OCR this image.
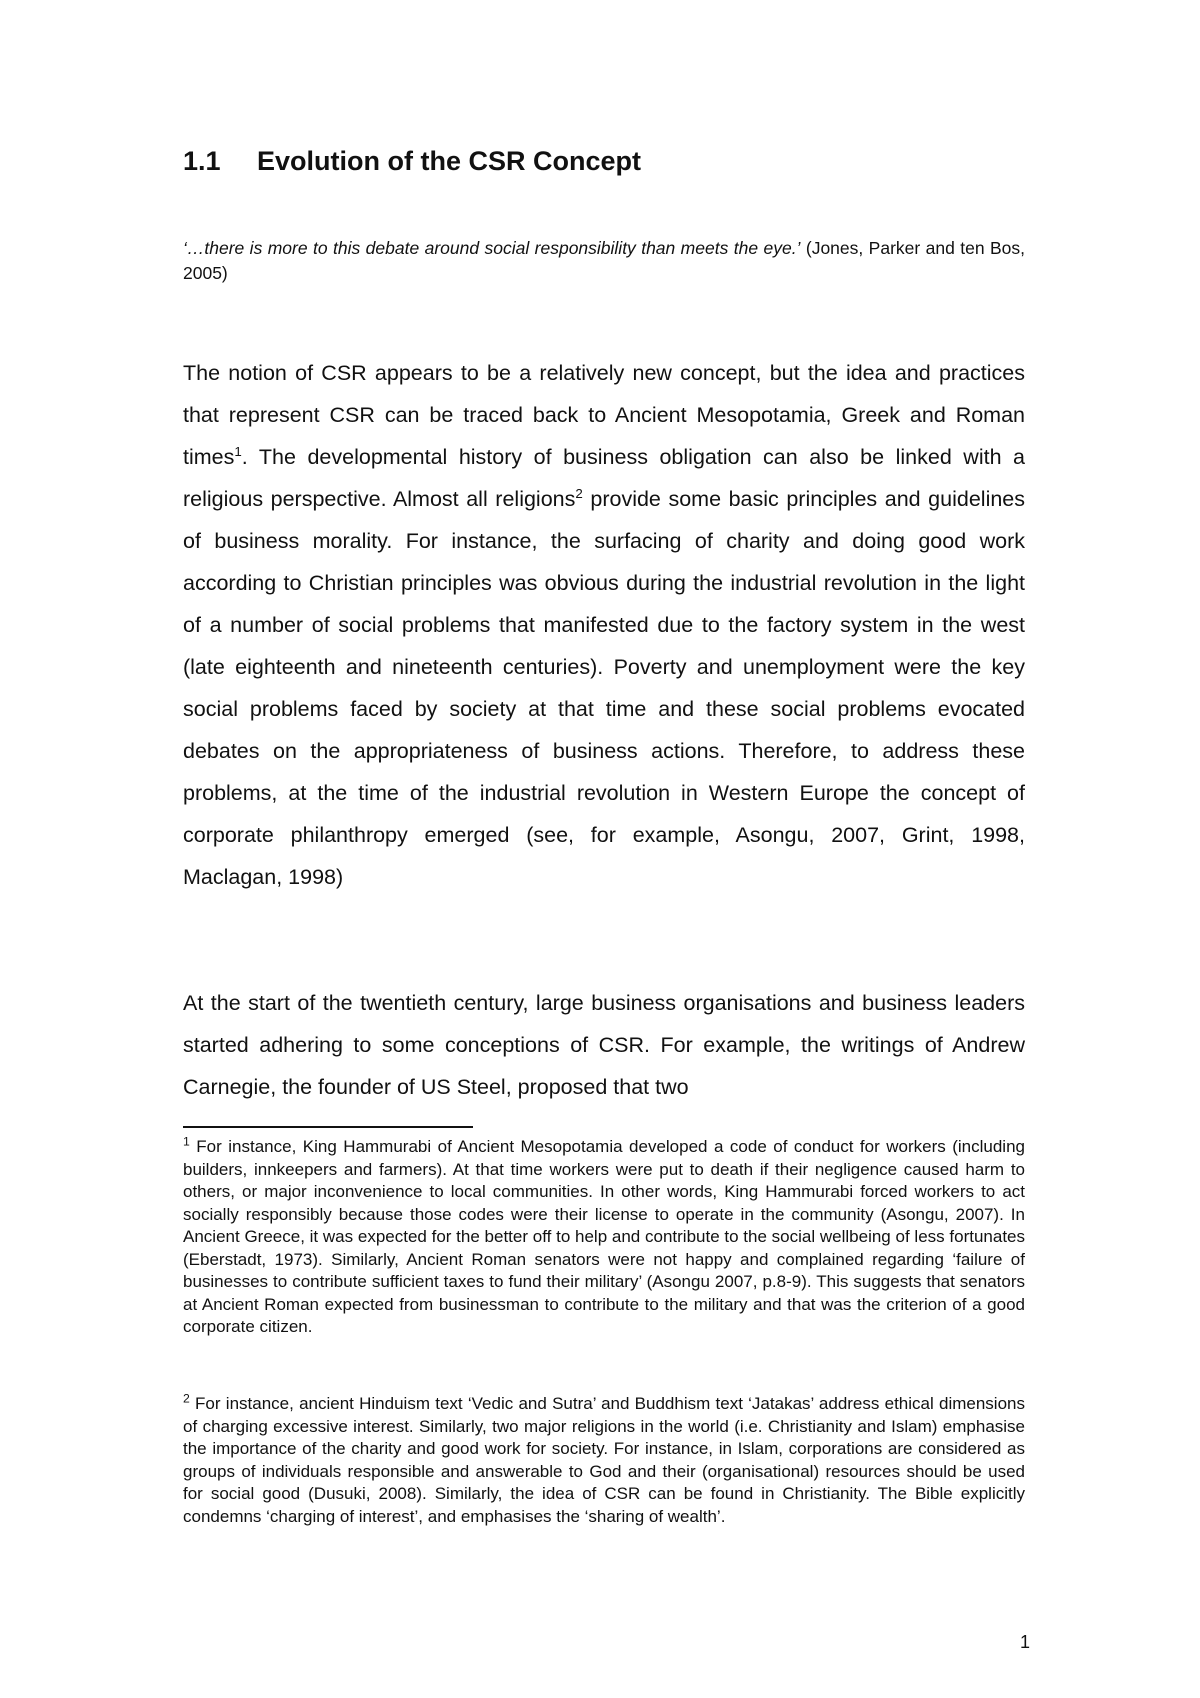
1.1 Evolution of the CSR Concept

‘…there is more to this debate around social responsibility than meets the eye.’ (Jones, Parker and ten Bos, 2005)

The notion of CSR appears to be a relatively new concept, but the idea and practices that represent CSR can be traced back to Ancient Mesopotamia, Greek and Roman times$^1$. The developmental history of business obligation can also be linked with a religious perspective. Almost all religions$^2$ provide some basic principles and guidelines of business morality. For instance, the surfacing of charity and doing good work according to Christian principles was obvious during the industrial revolution in the light of a number of social problems that manifested due to the factory system in the west (late eighteenth and nineteenth centuries). Poverty and unemployment were the key social problems faced by society at that time and these social problems evocated debates on the appropriateness of business actions. Therefore, to address these problems, at the time of the industrial revolution in Western Europe the concept of corporate philanthropy emerged (see, for example, Asongu, 2007, Grint, 1998, Maclagan, 1998)

At the start of the twentieth century, large business organisations and business leaders started adhering to some conceptions of CSR. For example, the writings of Andrew Carnegie, the founder of US Steel, proposed that two

$^1$ For instance, King Hammurabi of Ancient Mesopotamia developed a code of conduct for workers (including builders, innkeepers and farmers). At that time workers were put to death if their negligence caused harm to others, or major inconvenience to local communities. In other words, King Hammurabi forced workers to act socially responsibly because those codes were their license to operate in the community (Asongu, 2007). In Ancient Greece, it was expected for the better off to help and contribute to the social wellbeing of less fortunates (Eberstadt, 1973). Similarly, Ancient Roman senators were not happy and complained regarding ‘failure of businesses to contribute sufficient taxes to fund their military’ (Asongu 2007, p.8-9). This suggests that senators at Ancient Roman expected from businessman to contribute to the military and that was the criterion of a good corporate citizen.

$^2$ For instance, ancient Hinduism text ‘Vedic and Sutra’ and Buddhism text ‘Jatakas’ address ethical dimensions of charging excessive interest. Similarly, two major religions in the world (i.e. Christianity and Islam) emphasise the importance of the charity and good work for society. For instance, in Islam, corporations are considered as groups of individuals responsible and answerable to God and their (organisational) resources should be used for social good (Dusuki, 2008). Similarly, the idea of CSR can be found in Christianity. The Bible explicitly condemns ‘charging of interest’, and emphasises the ‘sharing of wealth’.

1
